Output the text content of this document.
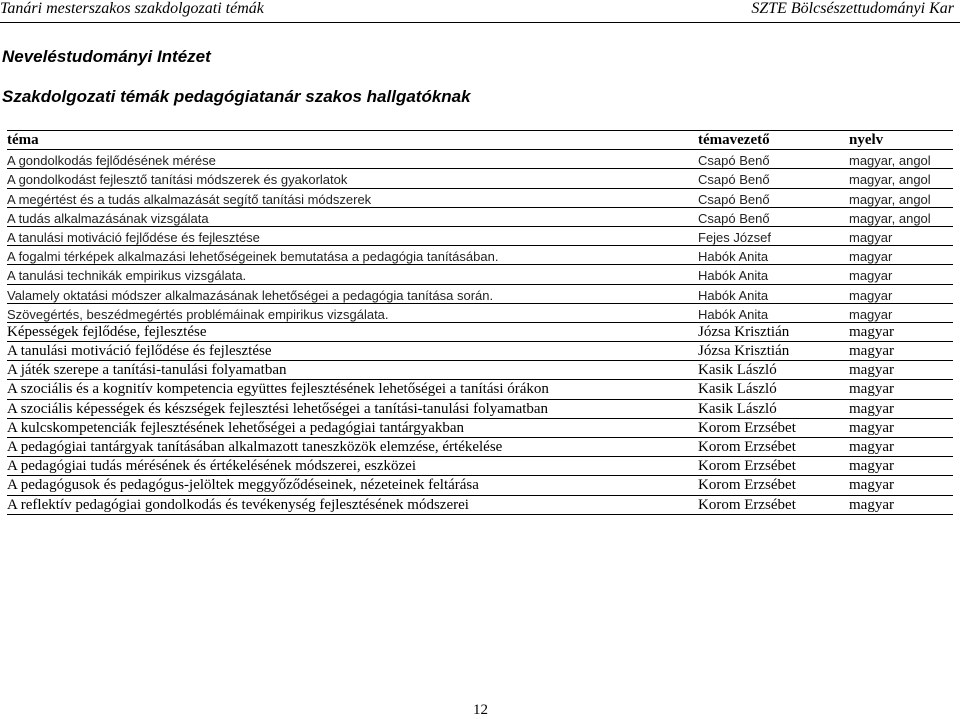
Tanári mesterszakos szakdolgozati témák	SZTE Bölcsészettudományi Kar
Neveléstudományi Intézet
Szakdolgozati témák pedagógiatanár szakos hallgatóknak
téma	témavezető	nyelv
A gondolkodás fejlődésének mérése	Csapó Benő	magyar, angol
A gondolkodást fejlesztő tanítási módszerek és gyakorlatok	Csapó Benő	magyar, angol
A megértést és a tudás alkalmazását segítő tanítási módszerek	Csapó Benő	magyar, angol
A tudás alkalmazásának vizsgálata	Csapó Benő	magyar, angol
A tanulási motiváció fejlődése és fejlesztése	Fejes József	magyar
A fogalmi térképek alkalmazási lehetőségeinek bemutatása a pedagógia tanításában.	Habók Anita	magyar
A tanulási technikák empirikus vizsgálata.	Habók Anita	magyar
Valamely oktatási módszer alkalmazásának lehetőségei a pedagógia tanítása során.	Habók Anita	magyar
Szövegértés, beszédmegértés problémáinak empirikus vizsgálata.	Habók Anita	magyar
Képességek fejlődése, fejlesztése	Józsa Krisztián	magyar
A tanulási motiváció fejlődése és fejlesztése	Józsa Krisztián	magyar
A játék szerepe a tanítási-tanulási folyamatban	Kasik László	magyar
A szociális és a kognitív kompetencia együttes fejlesztésének lehetőségei a tanítási órákon	Kasik László	magyar
A szociális képességek és készségek fejlesztési lehetőségei a tanítási-tanulási folyamatban	Kasik László	magyar
A kulcskompetenciák fejlesztésének lehetőségei a pedagógiai tantárgyakban	Korom Erzsébet	magyar
A pedagógiai tantárgyak tanításában alkalmazott taneszközök elemzése, értékelése	Korom Erzsébet	magyar
A pedagógiai tudás mérésének és értékelésének módszerei, eszközei	Korom Erzsébet	magyar
A pedagógusok és pedagógus-jelöltek meggyőződéseinek, nézeteinek feltárása	Korom Erzsébet	magyar
A reflektív pedagógiai gondolkodás és tevékenység fejlesztésének módszerei	Korom Erzsébet	magyar
12
